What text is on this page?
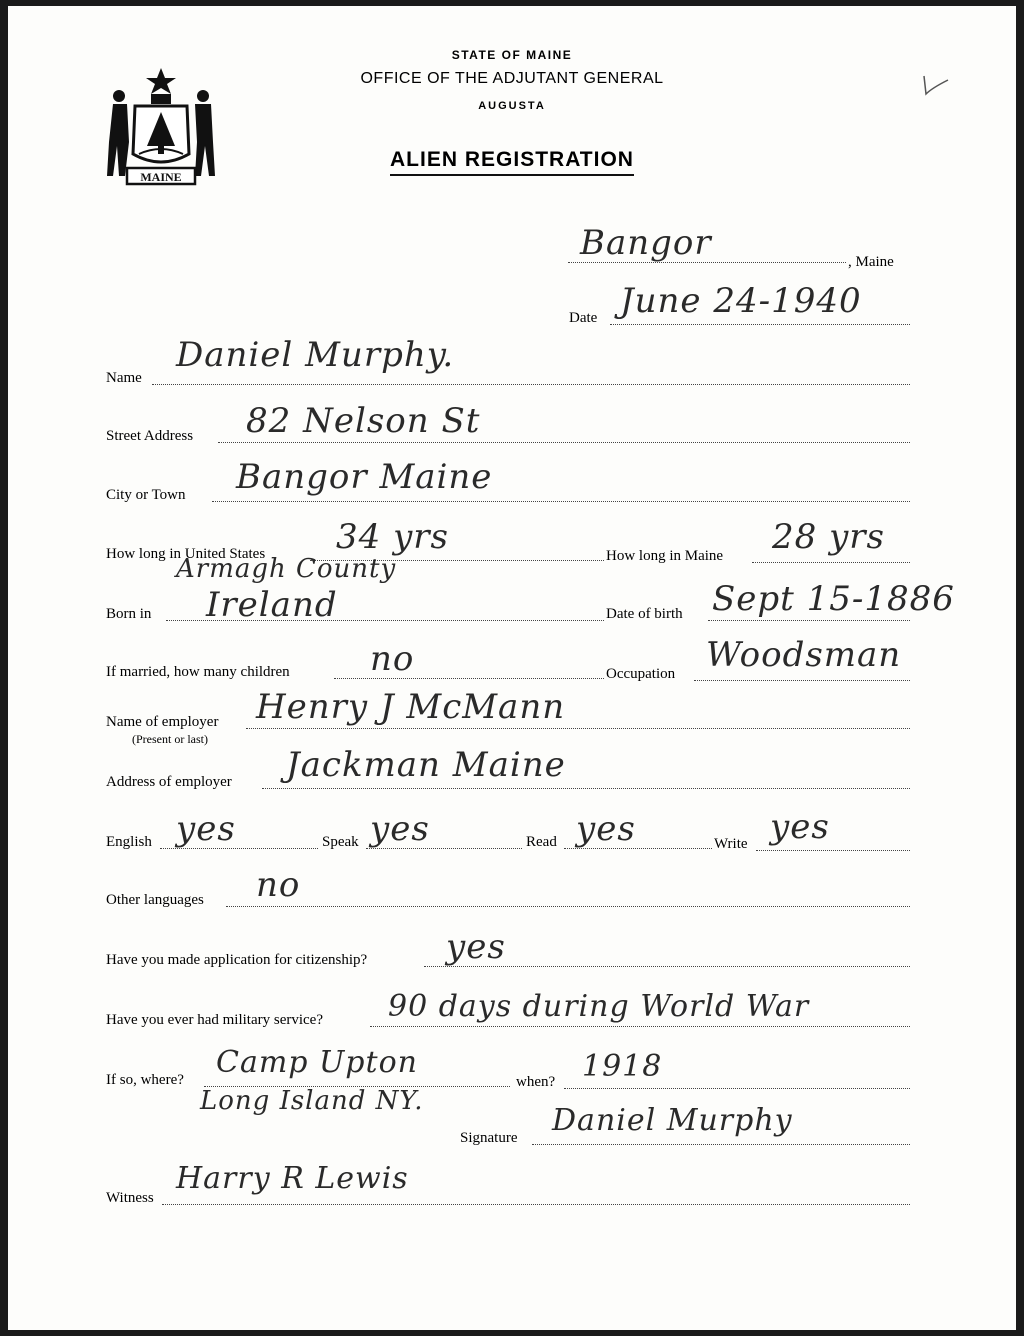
MAINE
STATE OF MAINE
OFFICE OF THE ADJUTANT GENERAL
AUGUSTA
ALIEN REGISTRATION
Bangor	, Maine
Date June 24-1940
Name
Daniel Murphy.
Street Address 82 Nelson St
City or Town Bangor Maine
How long in United States 34 yrs	How long in Maine 28 yrs
Armagh County
Born in Ireland	Date of birth Sept 15-1886
If married, how many children no	Occupation Woodsman
Name of employer
(Present or last)
Henry J McMann
Address of employer Jackman Maine
English yes	Speak yes	Read yes	Write yes
Other languages no
Have you made application for citizenship? yes
Have you ever had military service? 90 days during World War
If so, where? Camp Upton
Long Island NY.
when? 1918
Signature Daniel Murphy
Witness
Harry R Lewis
